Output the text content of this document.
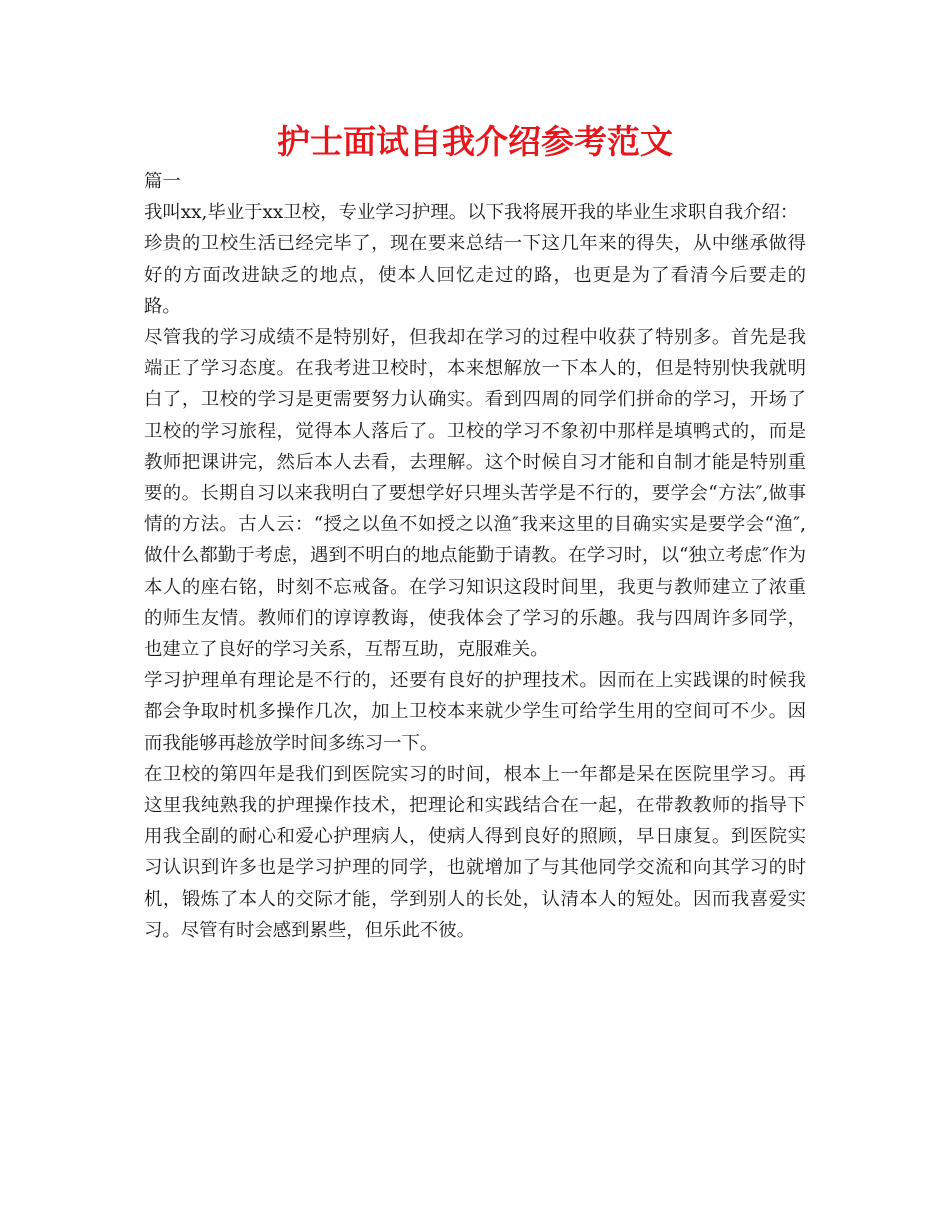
护士面试自我介绍参考范文

篇一

我叫xx,毕业于xx卫校，专业学习护理。以下我将展开我的毕业生求职自我介绍：

珍贵的卫校生活已经完毕了，现在要来总结一下这几年来的得失，从中继承做得好的方面改进缺乏的地点，使本人回忆走过的路，也更是为了看清今后要走的路。

尽管我的学习成绩不是特别好，但我却在学习的过程中收获了特别多。首先是我端正了学习态度。在我考进卫校时，本来想解放一下本人的，但是特别快我就明白了，卫校的学习是更需要努力认确实。看到四周的同学们拼命的学习，开场了卫校的学习旅程，觉得本人落后了。卫校的学习不象初中那样是填鸭式的，而是教师把课讲完，然后本人去看，去理解。这个时候自习才能和自制才能是特别重要的。长期自习以来我明白了要想学好只埋头苦学是不行的，要学会“方法″,做事情的方法。古人云：“授之以鱼不如授之以渔″我来这里的目确实实是要学会“渔″,做什么都勤于考虑，遇到不明白的地点能勤于请教。在学习时，以“独立考虑″作为本人的座右铭，时刻不忘戒备。在学习知识这段时间里，我更与教师建立了浓重的师生友情。教师们的谆谆教诲，使我体会了学习的乐趣。我与四周许多同学，也建立了良好的学习关系，互帮互助，克服难关。

学习护理单有理论是不行的，还要有良好的护理技术。因而在上实践课的时候我都会争取时机多操作几次，加上卫校本来就少学生可给学生用的空间可不少。因而我能够再趁放学时间多练习一下。

在卫校的第四年是我们到医院实习的时间，根本上一年都是呆在医院里学习。再这里我纯熟我的护理操作技术，把理论和实践结合在一起，在带教教师的指导下用我全副的耐心和爱心护理病人，使病人得到良好的照顾，早日康复。到医院实习认识到许多也是学习护理的同学，也就增加了与其他同学交流和向其学习的时机，锻炼了本人的交际才能，学到别人的长处，认清本人的短处。因而我喜爱实习。尽管有时会感到累些，但乐此不彼。
